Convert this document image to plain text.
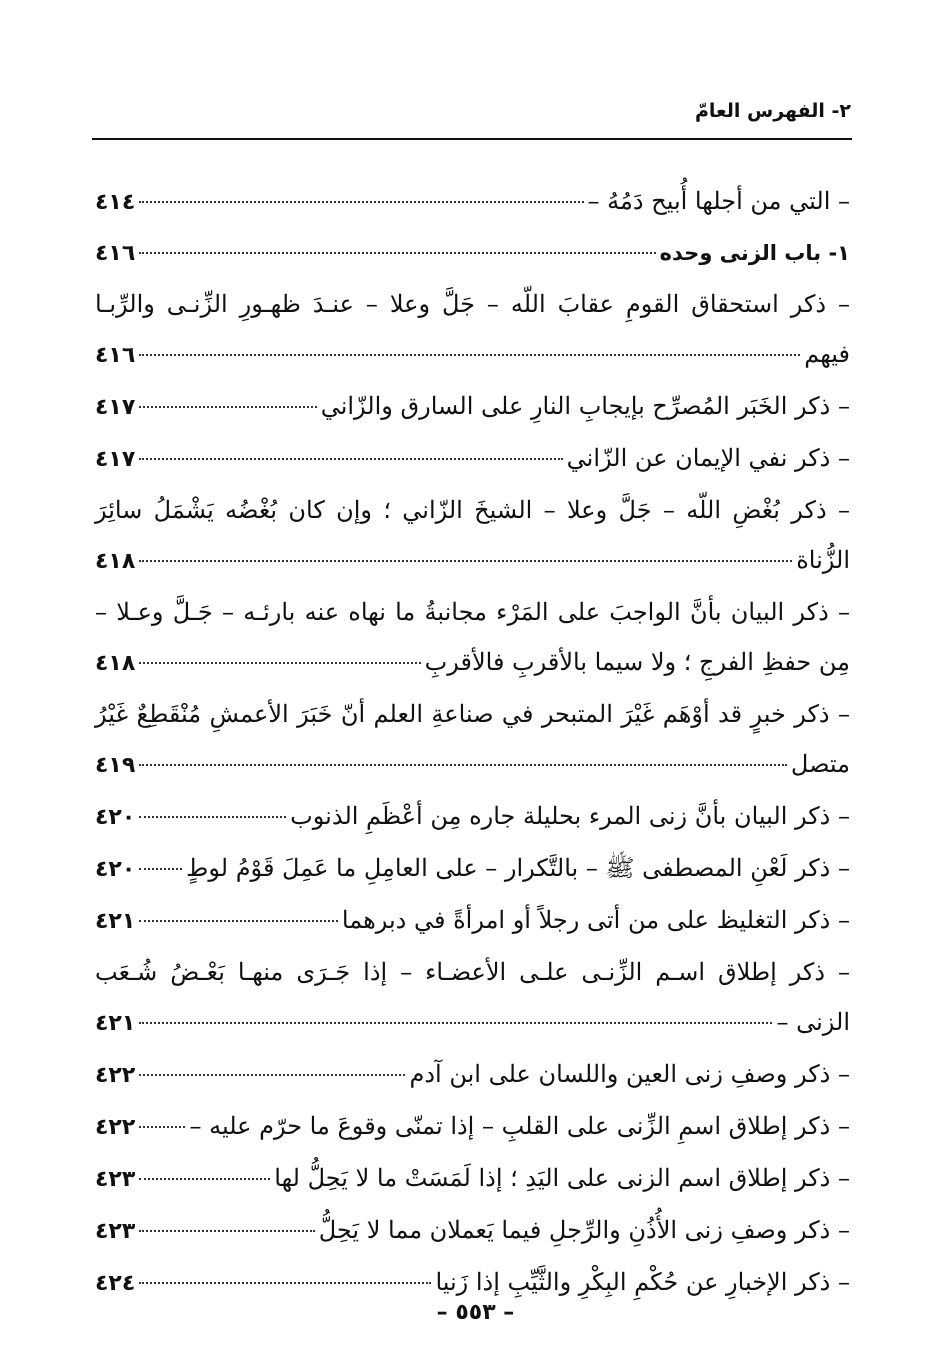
٢- الفهرس العامّ
– التي من أجلها أُبيح دَمُهُ –
٤١٤
١- باب الزنى وحده
٤١٦
– ذكر استحقاق القومِ عقابَ اللّه – جَلَّ وعلا – عنـدَ ظهـورِ الزِّنـى والرِّبـا
فيهم
٤١٦
– ذكر الخَبَر المُصرِّح بإيجابِ النارِ على السارق والزّاني
٤١٧
– ذكر نفي الإيمان عن الزّاني
٤١٧
– ذكر بُغْضِ اللّه – جَلَّ وعلا – الشيخَ الزّاني ؛ وإن كان بُغْضُه يَشْمَلُ سائِرَ
الزُّناة
٤١٨
– ذكر البيان بأنَّ الواجبَ على المَرْء مجانبةُ ما نهاه عنه بارئـه – جَـلَّ وعـلا –
مِن حفظِ الفرجِ ؛ ولا سيما بالأقربِ فالأقربِ
٤١٨
– ذكر خبرٍ قد أوْهَم غَيْرَ المتبحر في صناعةِ العلم أنّ خَبَرَ الأعمشِ مُنْقَطِعٌ غَيْرُ
متصل
٤١٩
– ذكر البيان بأنَّ زنى المرء بحليلة جاره مِن أعْظَمِ الذنوب
٤٢٠
– ذكر لَعْنِ المصطفى ﷺ – بالتَّكرار – على العامِلِ ما عَمِلَ قَوْمُ لوطٍ
٤٢٠
– ذكر التغليظ على من أتى رجلاً أو امرأةً في دبرهما
٤٢١
– ذكر إطلاق اسـم الزِّنـى علـى الأعضـاء – إذا جَـرَى منهـا بَعْـضُ شُـعَب
الزنى –
٤٢١
– ذكر وصفِ زنى العين واللسان على ابن آدم
٤٢٢
– ذكر إطلاق اسمِ الزِّنى على القلبِ – إذا تمنّى وقوعَ ما حرّم عليه –
٤٢٢
– ذكر إطلاق اسم الزنى على اليَدِ ؛ إذا لَمَسَتْ ما لا يَحِلُّ لها
٤٢٣
– ذكر وصفِ زنى الأُذُنِ والرِّجلِ فيما يَعملان مما لا يَحِلُّ
٤٢٣
– ذكر الإخبارِ عن حُكْمِ البِكْرِ والثَّيِّبِ إذا زَنيا
٤٢٤
– ٥٥٣ –
